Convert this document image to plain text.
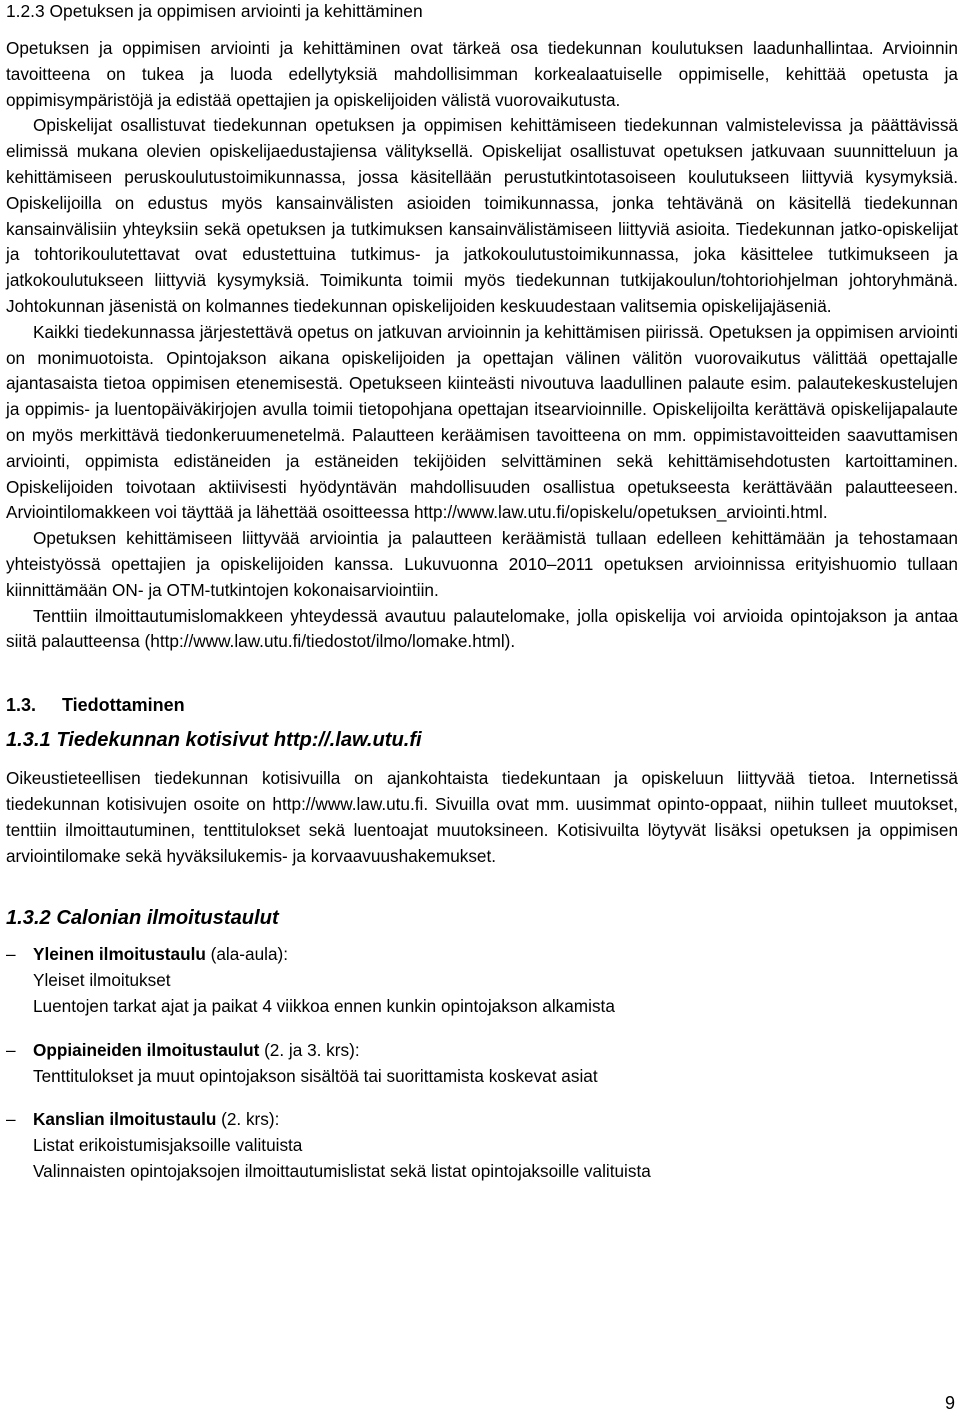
1.2.3 Opetuksen ja oppimisen arviointi ja kehittäminen

Opetuksen ja oppimisen arviointi ja kehittäminen ovat tärkeä osa tiedekunnan koulutuksen laadunhallintaa. Arvioinnin tavoitteena on tukea ja luoda edellytyksiä mahdollisimman korkealaatuiselle oppimiselle, kehittää opetusta ja oppimisympäristöjä ja edistää opettajien ja opiskelijoiden välistä vuorovaikutusta.

Opiskelijat osallistuvat tiedekunnan opetuksen ja oppimisen kehittämiseen tiedekunnan valmistelevissa ja päättävissä elimissä mukana olevien opiskelijaedustajiensa välityksellä. Opiskelijat osallistuvat opetuksen jatkuvaan suunnitteluun ja kehittämiseen peruskoulutustoimikunnassa, jossa käsitellään perustutkintotasoiseen koulutukseen liittyviä kysymyksiä. Opiskelijoilla on edustus myös kansainvälisten asioiden toimikunnassa, jonka tehtävänä on käsitellä tiedekunnan kansainvälisiin yhteyksiin sekä opetuksen ja tutkimuksen kansainvälistämiseen liittyviä asioita. Tiedekunnan jatko-opiskelijat ja tohtorikoulutettavat ovat edustettuina tutkimus- ja jatkokoulutustoimikunnassa, joka käsittelee tutkimukseen ja jatkokoulutukseen liittyviä kysymyksiä. Toimikunta toimii myös tiedekunnan tutkijakoulun/tohtoriohjelman johtoryhmänä. Johtokunnan jäsenistä on kolmannes tiedekunnan opiskelijoiden keskuudestaan valitsemia opiskelijajäseniä.

Kaikki tiedekunnassa järjestettävä opetus on jatkuvan arvioinnin ja kehittämisen piirissä. Opetuksen ja oppimisen arviointi on monimuotoista. Opintojakson aikana opiskelijoiden ja opettajan välinen välitön vuorovaikutus välittää opettajalle ajantasaista tietoa oppimisen etenemisestä. Opetukseen kiinteästi nivoutuva laadullinen palaute esim. palautekeskustelujen ja oppimis- ja luentopäiväkirjojen avulla toimii tietopohjana opettajan itsearvioinnille. Opiskelijoilta kerättävä opiskelijapalaute on myös merkittävä tiedonkeruumenetelmä. Palautteen keräämisen tavoitteena on mm. oppimistavoitteiden saavuttamisen arviointi, oppimista edistäneiden ja estäneiden tekijöiden selvittäminen sekä kehittämisehdotusten kartoittaminen. Opiskelijoiden toivotaan aktiivisesti hyödyntävän mahdollisuuden osallistua opetukseesta kerättävään palautteeseen. Arviointilomakkeen voi täyttää ja lähettää osoitteessa http://www.law.utu.fi/opiskelu/opetuksen_arviointi.html.

Opetuksen kehittämiseen liittyvää arviointia ja palautteen keräämistä tullaan edelleen kehittämään ja tehostamaan yhteistyössä opettajien ja opiskelijoiden kanssa. Lukuvuonna 2010–2011 opetuksen arvioinnissa erityishuomio tullaan kiinnittämään ON- ja OTM-tutkintojen kokonaisarviointiin.

Tenttiin ilmoittautumislomakkeen yhteydessä avautuu palautelomake, jolla opiskelija voi arvioida opintojakson ja antaa siitä palautteensa (http://www.law.utu.fi/tiedostot/ilmo/lomake.html).

1.3. Tiedottaminen
1.3.1 Tiedekunnan kotisivut http://.law.utu.fi

Oikeustieteellisen tiedekunnan kotisivuilla on ajankohtaista tiedekuntaan ja opiskeluun liittyvää tietoa. Internetissä tiedekunnan kotisivujen osoite on http://www.law.utu.fi. Sivuilla ovat mm. uusimmat opinto-oppaat, niihin tulleet muutokset, tenttiin ilmoittautuminen, tenttitulokset sekä luentoajat muutoksineen. Kotisivuilta löytyvät lisäksi opetuksen ja oppimisen arviointilomake sekä hyväksilukemis- ja korvaavuushakemukset.

1.3.2 Calonian ilmoitustaulut
– Yleinen ilmoitustaulu (ala-aula):
Yleiset ilmoitukset
Luentojen tarkat ajat ja paikat 4 viikkoa ennen kunkin opintojakson alkamista
– Oppiaineiden ilmoitustaulut (2. ja 3. krs):
Tenttitulokset ja muut opintojakson sisältöä tai suorittamista koskevat asiat
– Kanslian ilmoitustaulu (2. krs):
Listat erikoistumisjaksoille valituista
Valinnaisten opintojaksojen ilmoittautumislistat sekä listat opintojaksoille valituista
9
